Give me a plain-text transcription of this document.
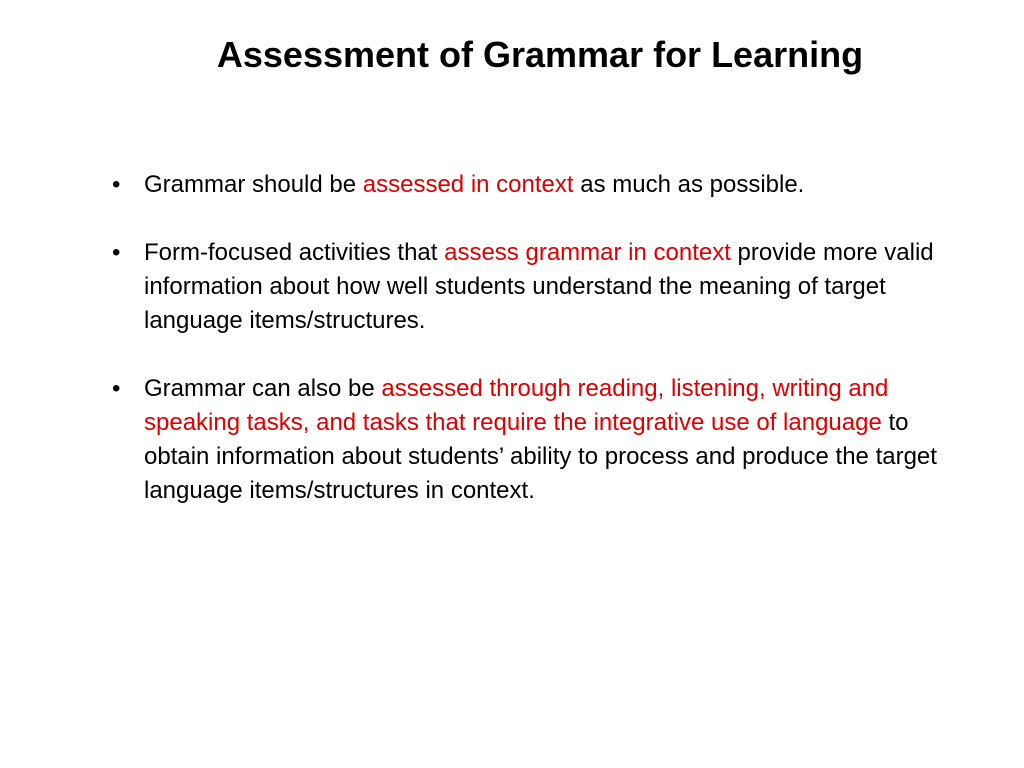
Assessment of Grammar for Learning
• Grammar should be assessed in context as much as possible.
• Form-focused activities that assess grammar in context provide more valid information about how well students understand the meaning of target language items/structures.
• Grammar can also be assessed through reading, listening, writing and speaking tasks, and tasks that require the integrative use of language to obtain information about students’ ability to process and produce the target language items/structures in context.
